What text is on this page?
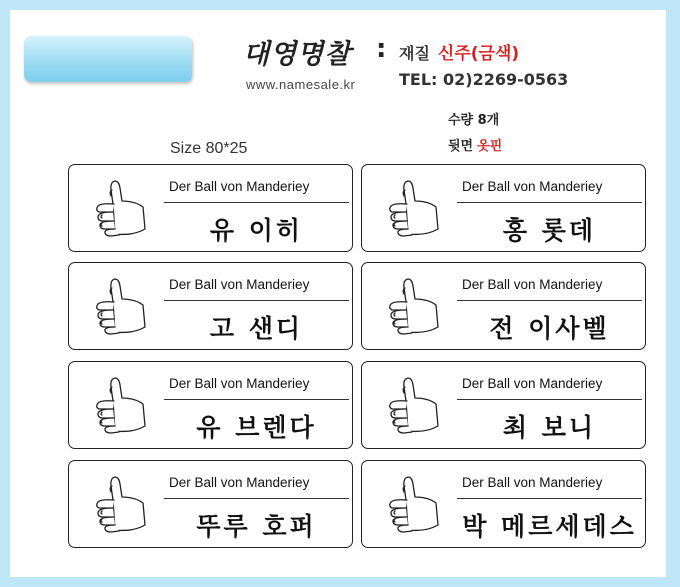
대영명찰 :
www.namesale.kr
재질 신주(금색)
TEL: 02)2269-0563
수량 8개
뒷면 옷핀
Size 80*25
Der Ball von Manderiey
유 이히
Der Ball von Manderiey
홍 롯데
Der Ball von Manderiey
고 샌디
Der Ball von Manderiey
전 이사벨
Der Ball von Manderiey
유 브렌다
Der Ball von Manderiey
최 보니
Der Ball von Manderiey
뚜루 호퍼
Der Ball von Manderiey
박 메르세데스
